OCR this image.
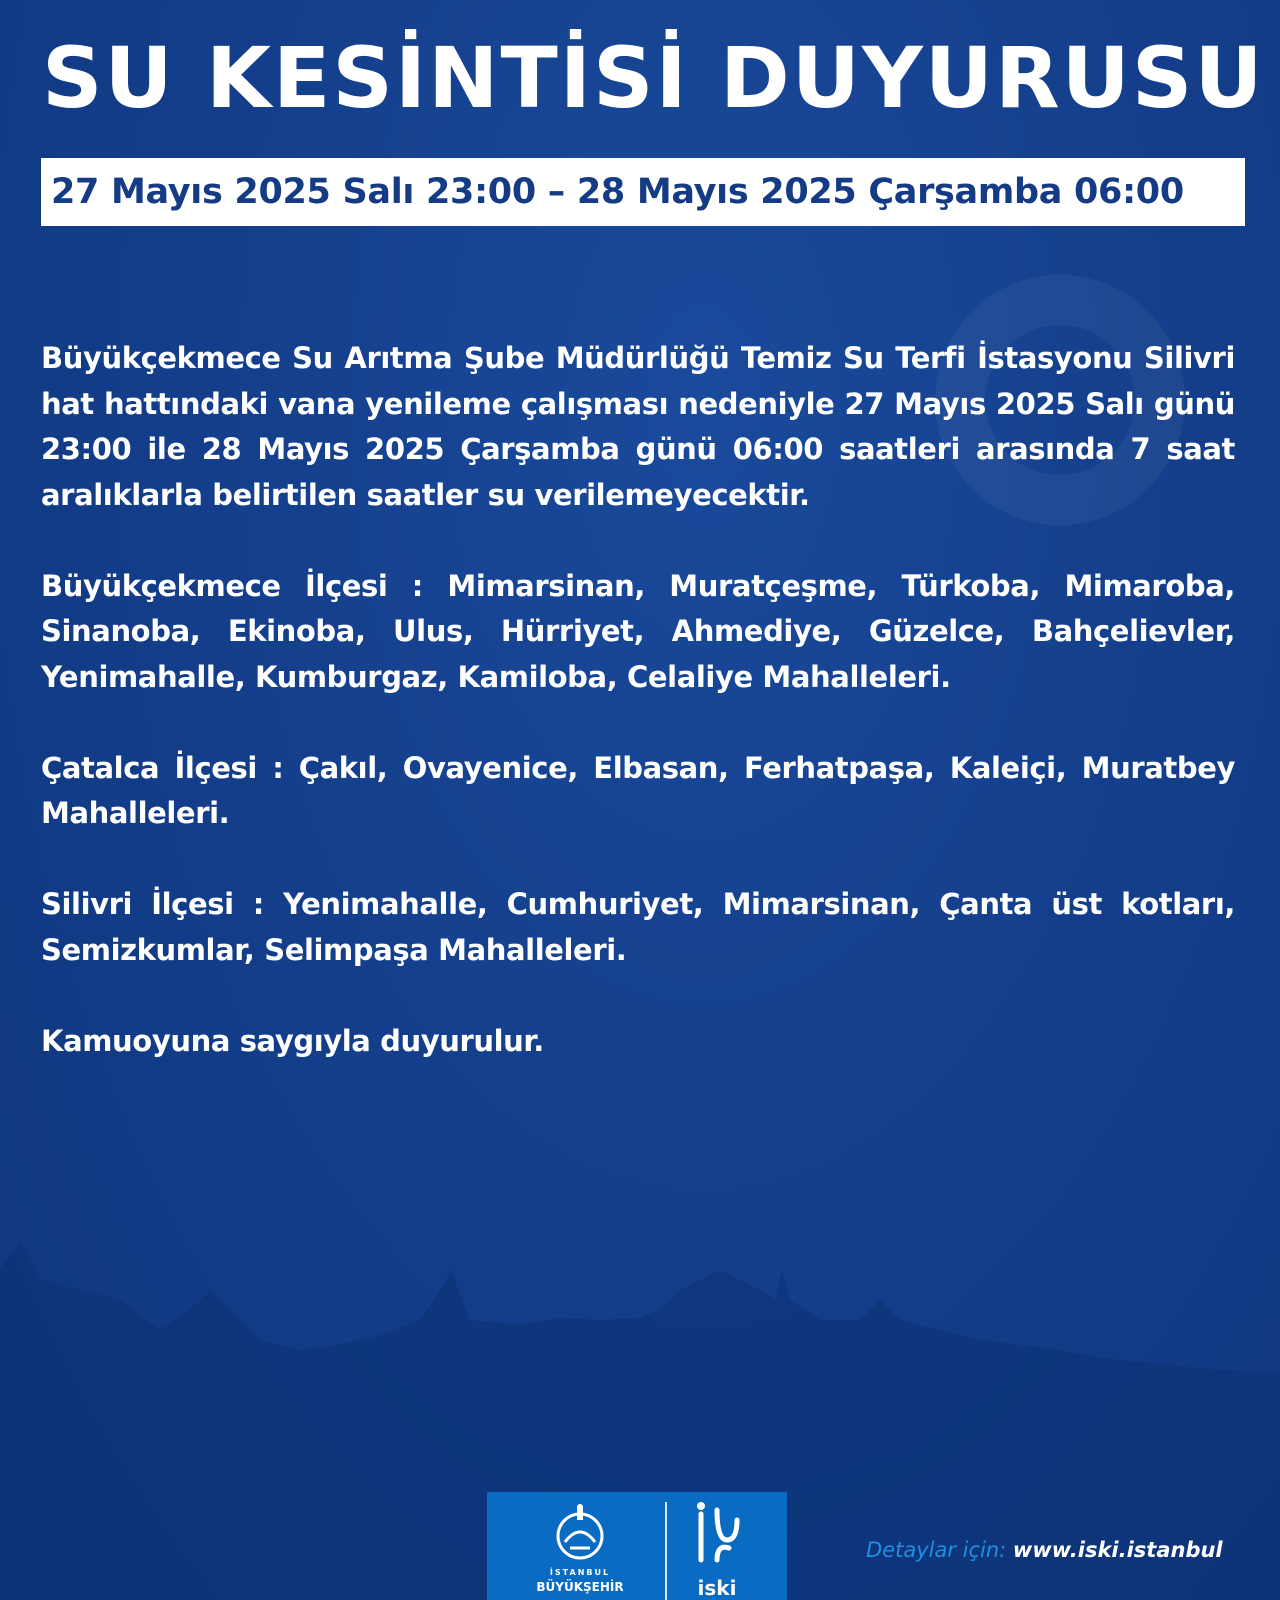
SU KESİNTİSİ DUYURUSU
27 Mayıs 2025 Salı 23:00 – 28 Mayıs 2025 Çarşamba 06:00

Büyükçekmece Su Arıtma Şube Müdürlüğü Temiz Su Terfi İstasyonu Silivri hat hattındaki vana yenileme çalışması nedeniyle 27 Mayıs 2025 Salı günü 23:00 ile 28 Mayıs 2025 Çarşamba günü 06:00 saatleri arasında 7 saat aralıklarla belirtilen saatler su verilemeyecektir.

Büyükçekmece İlçesi : Mimarsinan, Muratçeşme, Türkoba, Mimaroba, Sinanoba, Ekinoba, Ulus, Hürriyet, Ahmediye, Güzelce, Bahçelievler, Yenimahalle, Kumburgaz, Kamiloba, Celaliye Mahalleleri.

Çatalca İlçesi : Çakıl, Ovayenice, Elbasan, Ferhatpaşa, Kaleiçi, Muratbey Mahalleleri.

Silivri İlçesi : Yenimahalle, Cumhuriyet, Mimarsinan, Çanta üst kotları, Semizkumlar, Selimpaşa Mahalleleri.

Kamuoyuna saygıyla duyurulur.

İSTANBUL
BÜYÜKŞEHİR	iski
Detaylar için: www.iski.istanbul
